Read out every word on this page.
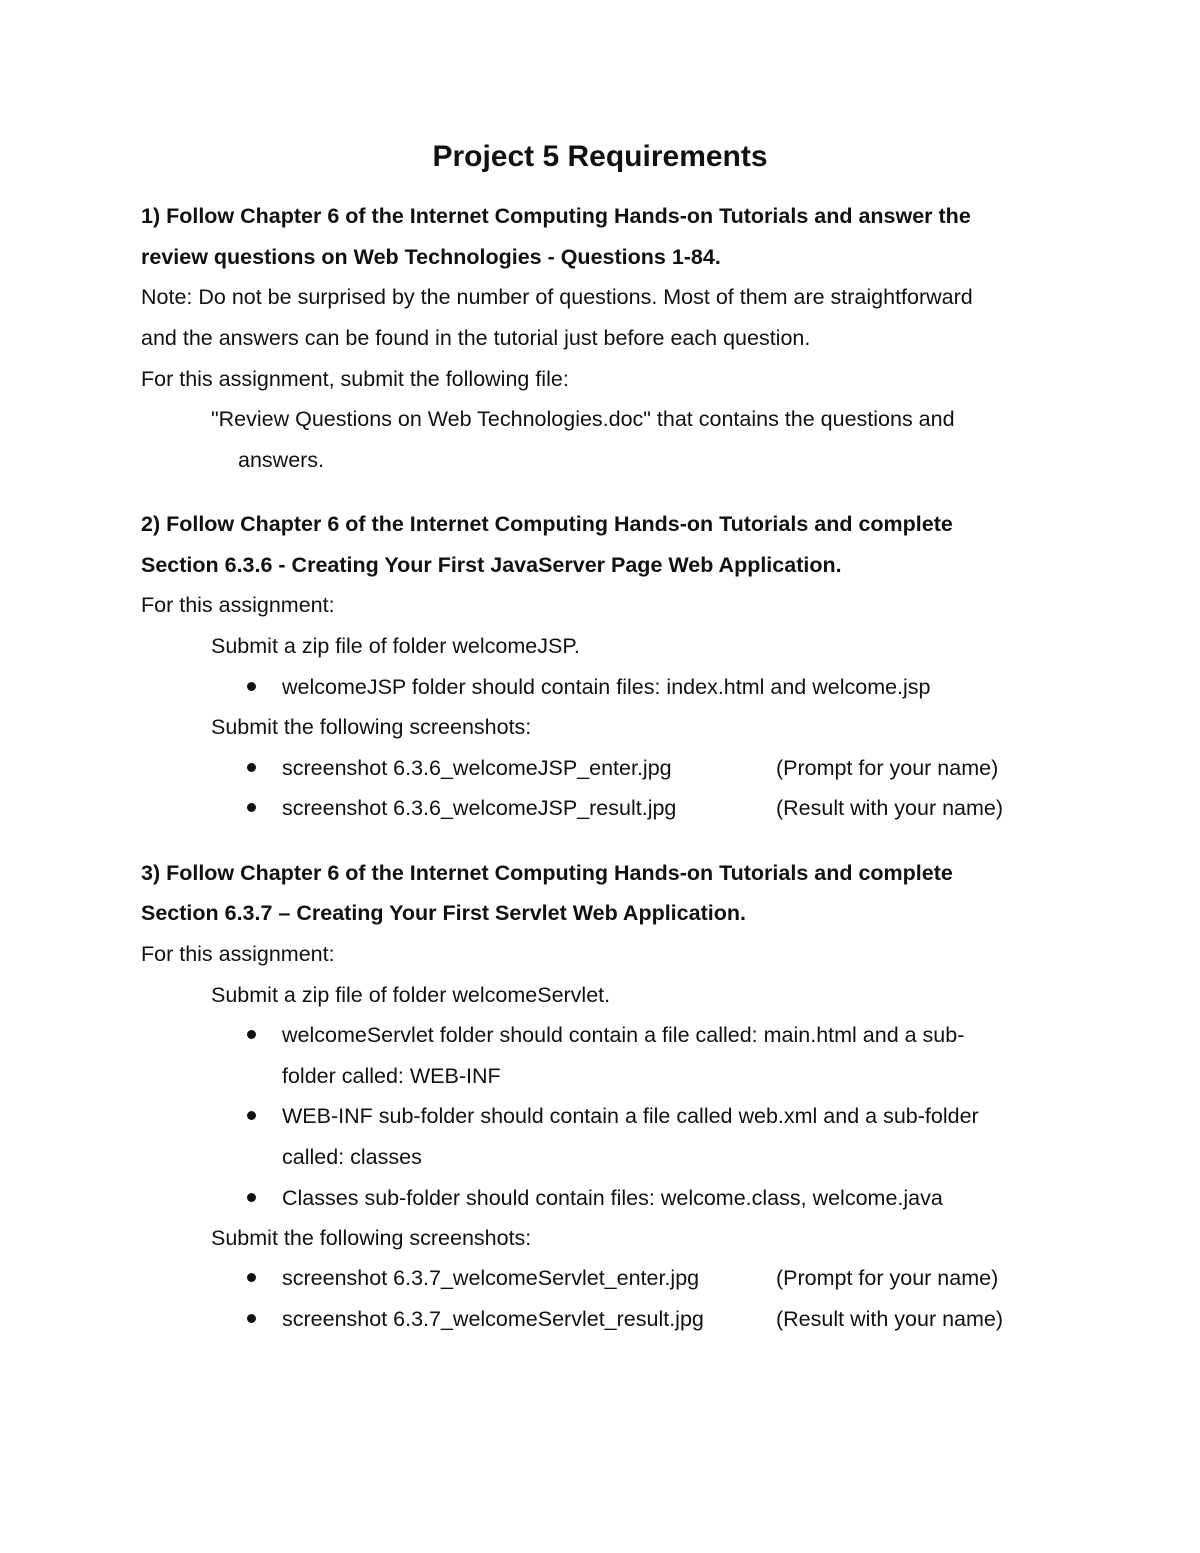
Project 5 Requirements
1) Follow Chapter 6 of the Internet Computing Hands-on Tutorials and answer the
review questions on Web Technologies - Questions 1-84.
Note: Do not be surprised by the number of questions. Most of them are straightforward
and the answers can be found in the tutorial just before each question.
For this assignment, submit the following file:
"Review Questions on Web Technologies.doc" that contains the questions and
answers.
2) Follow Chapter 6 of the Internet Computing Hands-on Tutorials and complete
Section 6.3.6 - Creating Your First JavaServer Page Web Application.
For this assignment:
Submit a zip file of folder welcomeJSP.
welcomeJSP folder should contain files: index.html and welcome.jsp
Submit the following screenshots:
screenshot 6.3.6_welcomeJSP_enter.jpg	(Prompt for your name)
screenshot 6.3.6_welcomeJSP_result.jpg	(Result with your name)
3) Follow Chapter 6 of the Internet Computing Hands-on Tutorials and complete
Section 6.3.7 – Creating Your First Servlet Web Application.
For this assignment:
Submit a zip file of folder welcomeServlet.
welcomeServlet folder should contain a file called: main.html and a sub-
folder called: WEB-INF
WEB-INF sub-folder should contain a file called web.xml and a sub-folder
called: classes
Classes sub-folder should contain files: welcome.class, welcome.java
Submit the following screenshots:
screenshot 6.3.7_welcomeServlet_enter.jpg	(Prompt for your name)
screenshot 6.3.7_welcomeServlet_result.jpg	(Result with your name)
